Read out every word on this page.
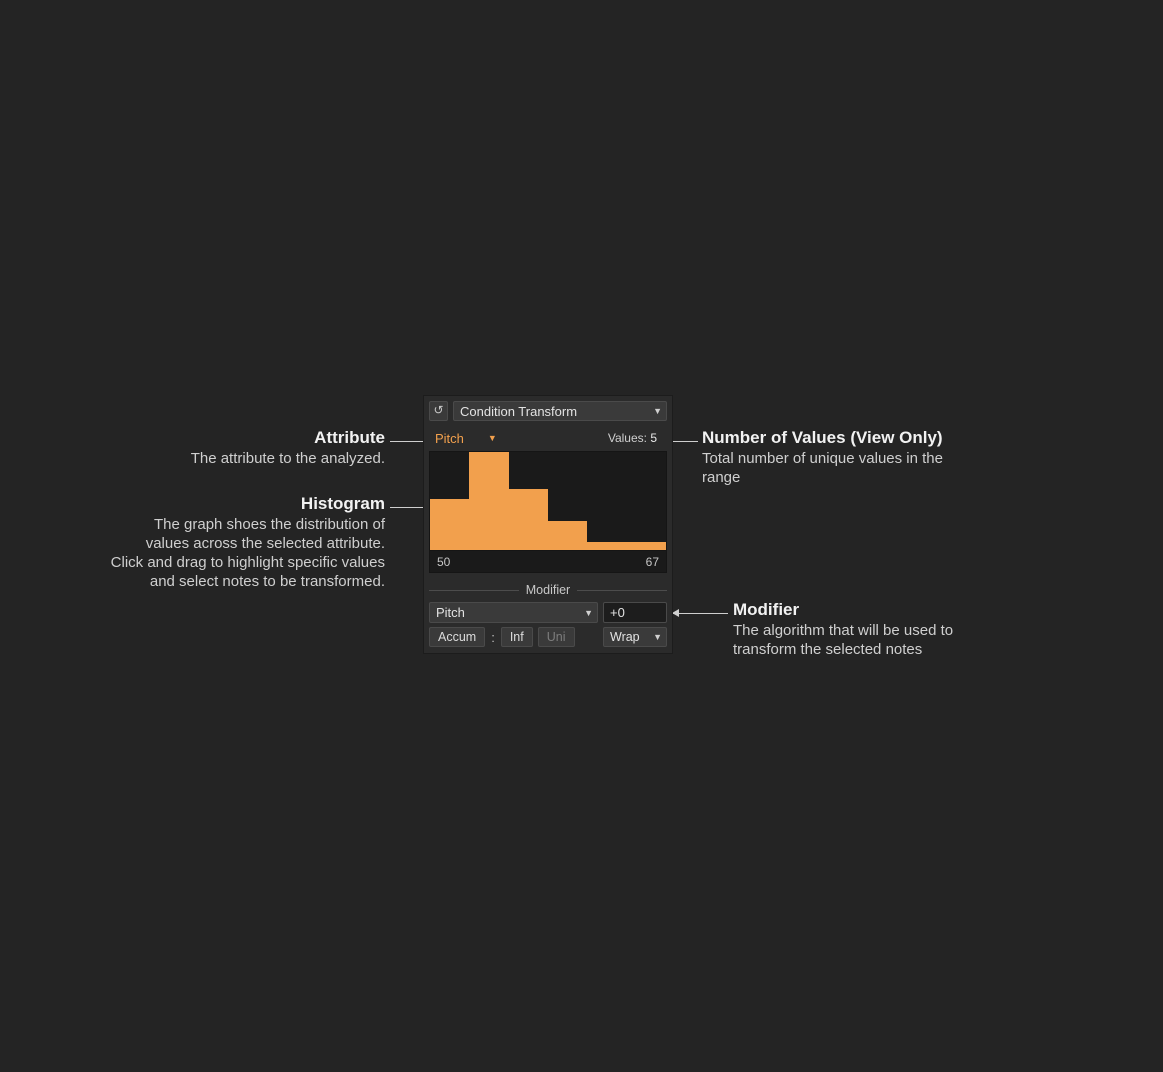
Attribute
The attribute to the analyzed.
Histogram
The graph shoes the distribution of values across the selected attribute. Click and drag to highlight specific values and select notes to be transformed.
Number of Values (View Only)
Total number of unique values in the range
Modifier
The algorithm that will be used to transform the selected notes
↺	Condition Transform	▼
Pitch	▼	Values: 5
50	67
Modifier
Pitch	▼ +0
Accum	:	Inf	Uni	Wrap ▼
